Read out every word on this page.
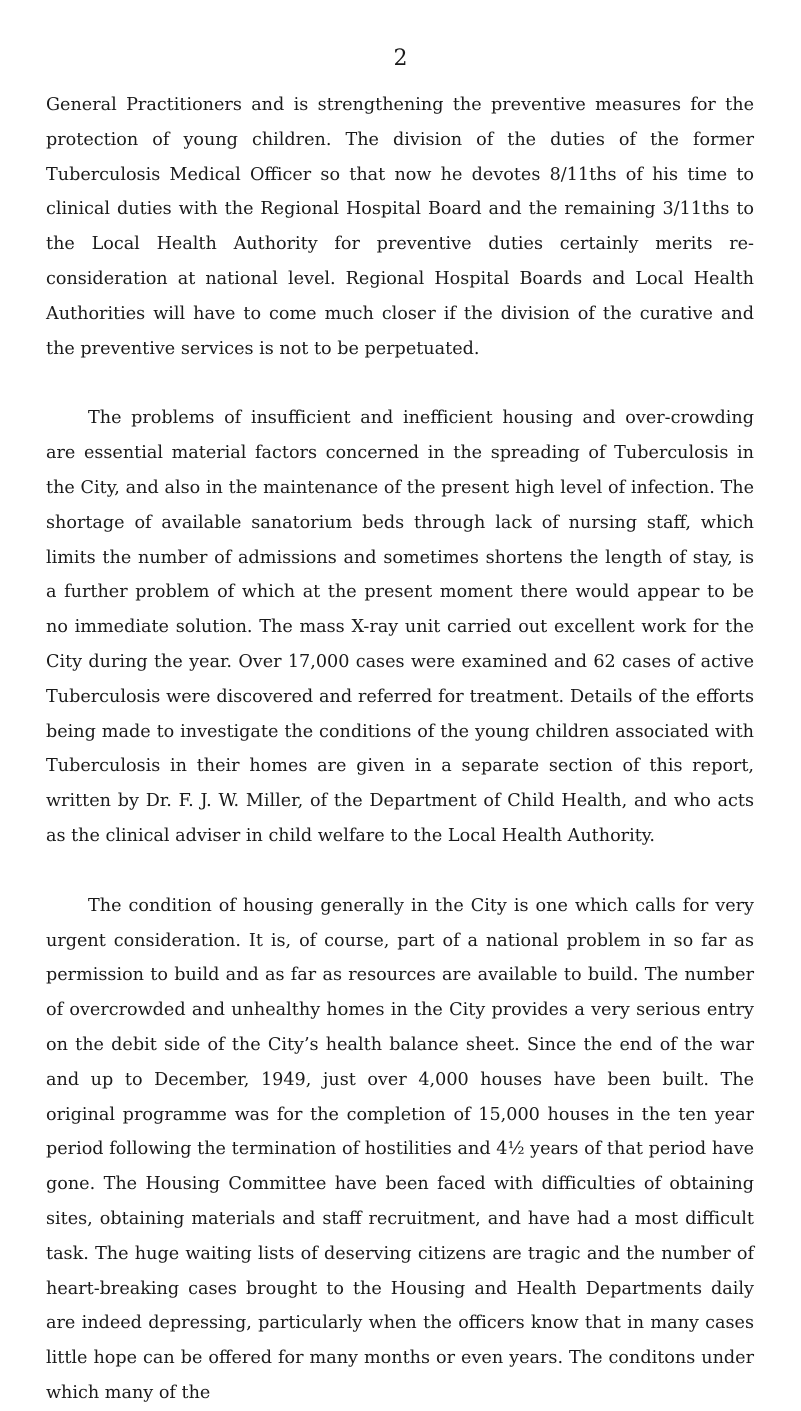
2

General Practitioners and is strengthening the preventive measures for the protection of young children. The division of the duties of the former Tuberculosis Medical Officer so that now he devotes 8/11ths of his time to clinical duties with the Regional Hospital Board and the remaining 3/11ths to the Local Health Authority for preventive duties certainly merits re-consideration at national level. Regional Hospital Boards and Local Health Authorities will have to come much closer if the division of the curative and the preventive services is not to be perpetuated.

The problems of insufficient and inefficient housing and over-crowding are essential material factors concerned in the spreading of Tuberculosis in the City, and also in the maintenance of the present high level of infection. The shortage of available sanatorium beds through lack of nursing staff, which limits the number of admissions and sometimes shortens the length of stay, is a further problem of which at the present moment there would appear to be no immediate solution. The mass X-ray unit carried out excellent work for the City during the year. Over 17,000 cases were examined and 62 cases of active Tuberculosis were discovered and referred for treatment. Details of the efforts being made to investigate the conditions of the young children associated with Tuberculosis in their homes are given in a separate section of this report, written by Dr. F. J. W. Miller, of the Department of Child Health, and who acts as the clinical adviser in child welfare to the Local Health Authority.

The condition of housing generally in the City is one which calls for very urgent consideration. It is, of course, part of a national problem in so far as permission to build and as far as resources are available to build. The number of overcrowded and unhealthy homes in the City provides a very serious entry on the debit side of the City’s health balance sheet. Since the end of the war and up to December, 1949, just over 4,000 houses have been built. The original programme was for the completion of 15,000 houses in the ten year period following the termination of hostilities and 4½ years of that period have gone. The Housing Committee have been faced with difficulties of obtaining sites, obtaining materials and staff recruitment, and have had a most difficult task. The huge waiting lists of deserving citizens are tragic and the number of heart-breaking cases brought to the Housing and Health Departments daily are indeed depressing, particularly when the officers know that in many cases little hope can be offered for many months or even years. The conditons under which many of the
